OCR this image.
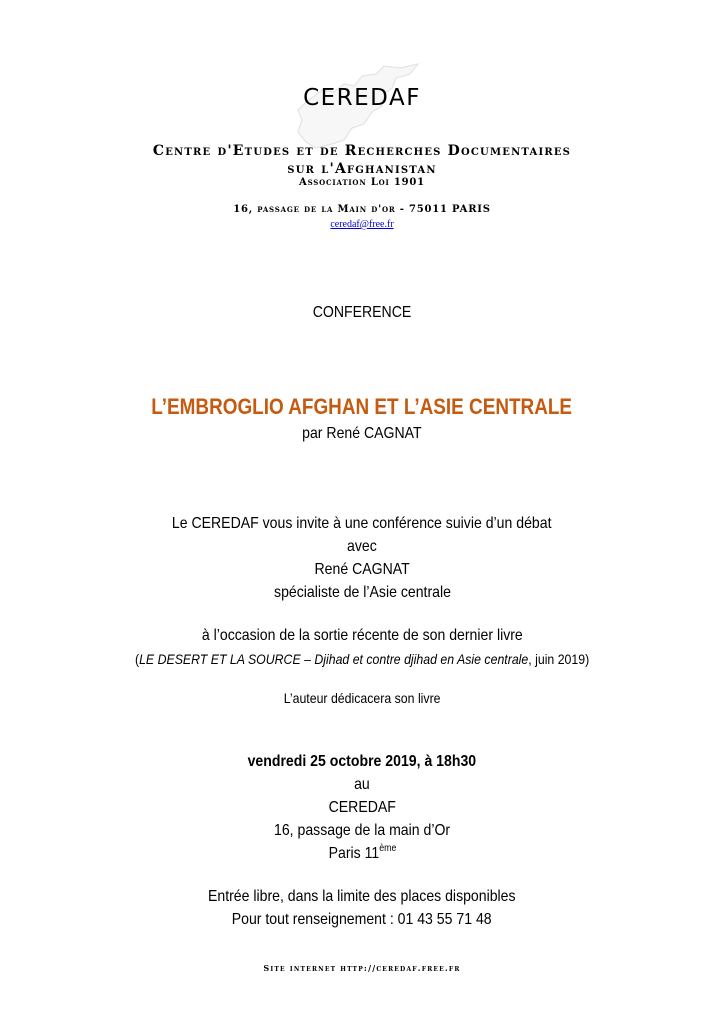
CEREDAF
Centre d'Etudes et de Recherches Documentaires
sur l'Afghanistan
Association Loi 1901
16, passage de la Main d'or - 75011 PARIS
ceredaf@free.fr
CONFERENCE
L’EMBROGLIO AFGHAN ET L’ASIE CENTRALE
par René CAGNAT
Le CEREDAF vous invite à une conférence suivie d’un débat
avec
René CAGNAT
spécialiste de l’Asie centrale
à l’occasion de la sortie récente de son dernier livre
(LE DESERT ET LA SOURCE – Djihad et contre djihad en Asie centrale, juin 2019)
L’auteur dédicacera son livre
vendredi 25 octobre 2019, à 18h30
au
CEREDAF
16, passage de la main d’Or
Paris 11ème
Entrée libre, dans la limite des places disponibles
Pour tout renseignement : 01 43 55 71 48
Site internet http://ceredaf.free.fr
